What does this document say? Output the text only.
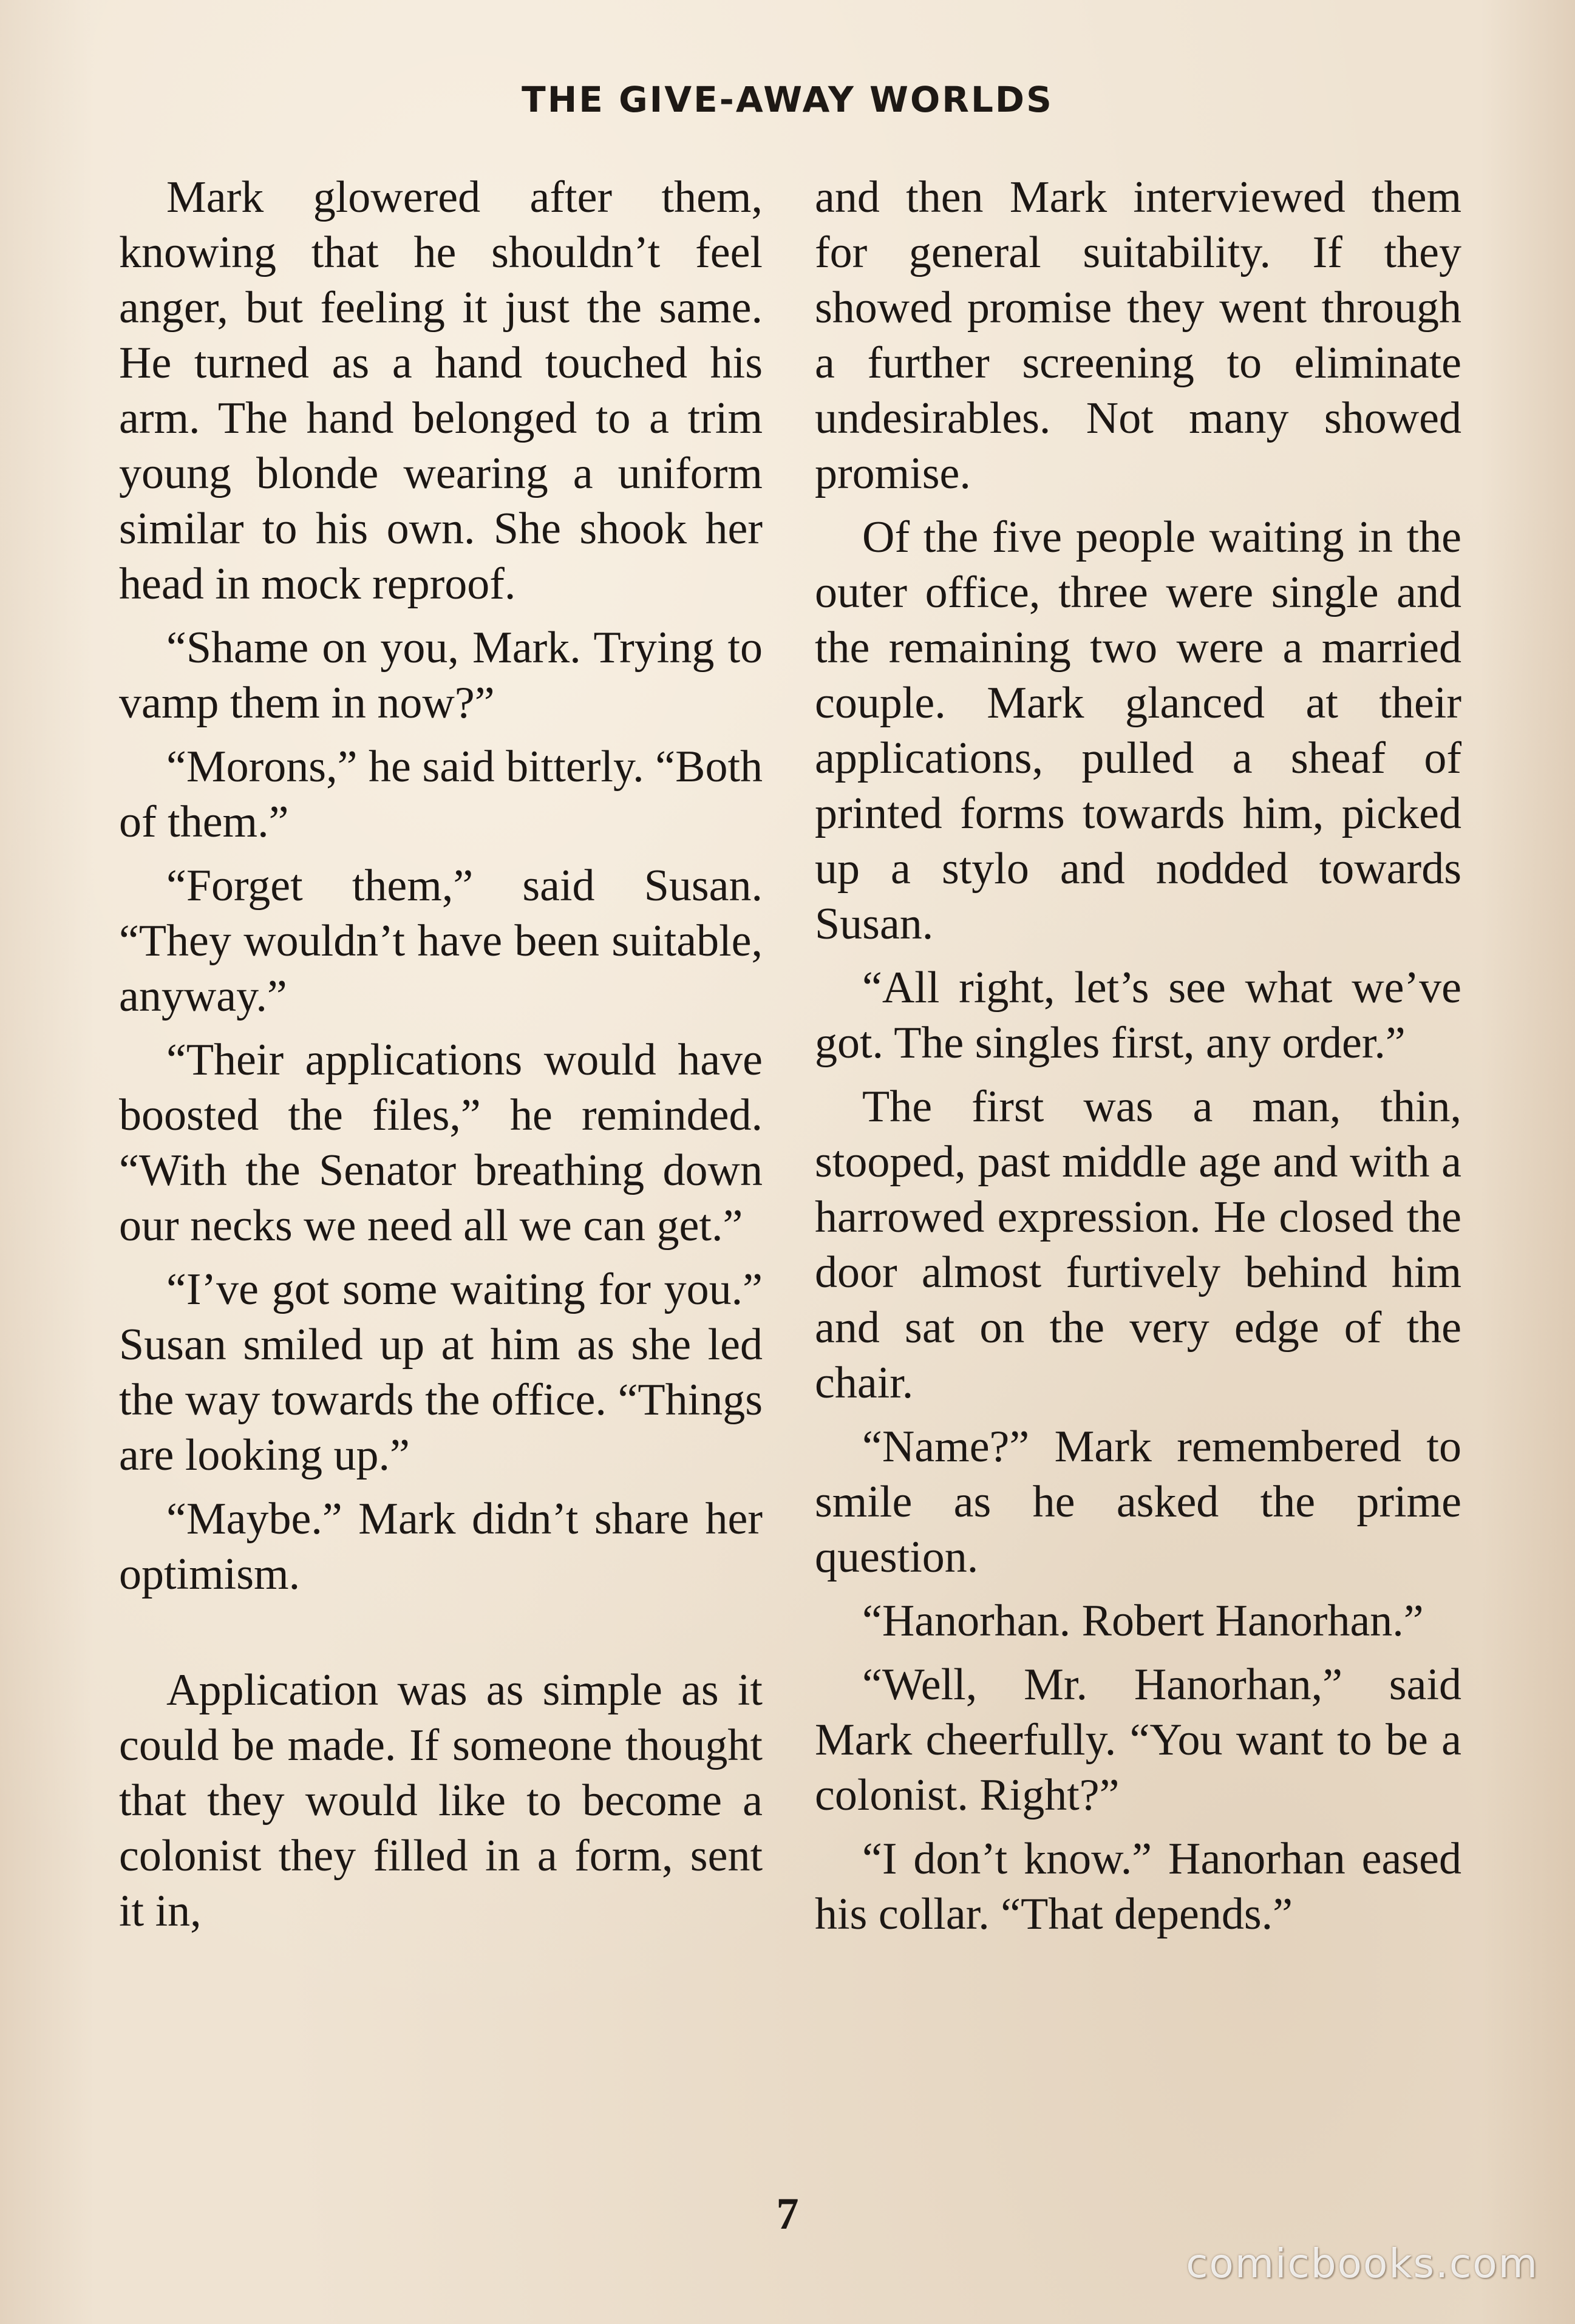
THE GIVE-AWAY WORLDS

Mark glowered after them, knowing that he shouldn’t feel anger, but feeling it just the same. He turned as a hand touched his arm. The hand belonged to a trim young blonde wearing a uniform similar to his own. She shook her head in mock reproof.

“Shame on you, Mark. Trying to vamp them in now?”

“Morons,” he said bitterly. “Both of them.”

“Forget them,” said Susan. “They wouldn’t have been suitable, anyway.”

“Their applications would have boosted the files,” he reminded. “With the Senator breathing down our necks we need all we can get.”

“I’ve got some waiting for you.” Susan smiled up at him as she led the way towards the office. “Things are looking up.”

“Maybe.” Mark didn’t share her optimism.

Application was as simple as it could be made. If someone thought that they would like to become a colonist they filled in a form, sent it in,

and then Mark interviewed them for general suitability. If they showed promise they went through a further screening to eliminate undesirables. Not many showed promise.

Of the five people waiting in the outer office, three were single and the remaining two were a married couple. Mark glanced at their applications, pulled a sheaf of printed forms towards him, picked up a stylo and nodded towards Susan.

“All right, let’s see what we’ve got. The singles first, any order.”

The first was a man, thin, stooped, past middle age and with a harrowed expression. He closed the door almost furtively behind him and sat on the very edge of the chair.

“Name?” Mark remembered to smile as he asked the prime question.

“Hanorhan. Robert Hanorhan.”

“Well, Mr. Hanorhan,” said Mark cheerfully. “You want to be a colonist. Right?”

“I don’t know.” Hanorhan eased his collar. “That depends.”

7
comicbooks.com
